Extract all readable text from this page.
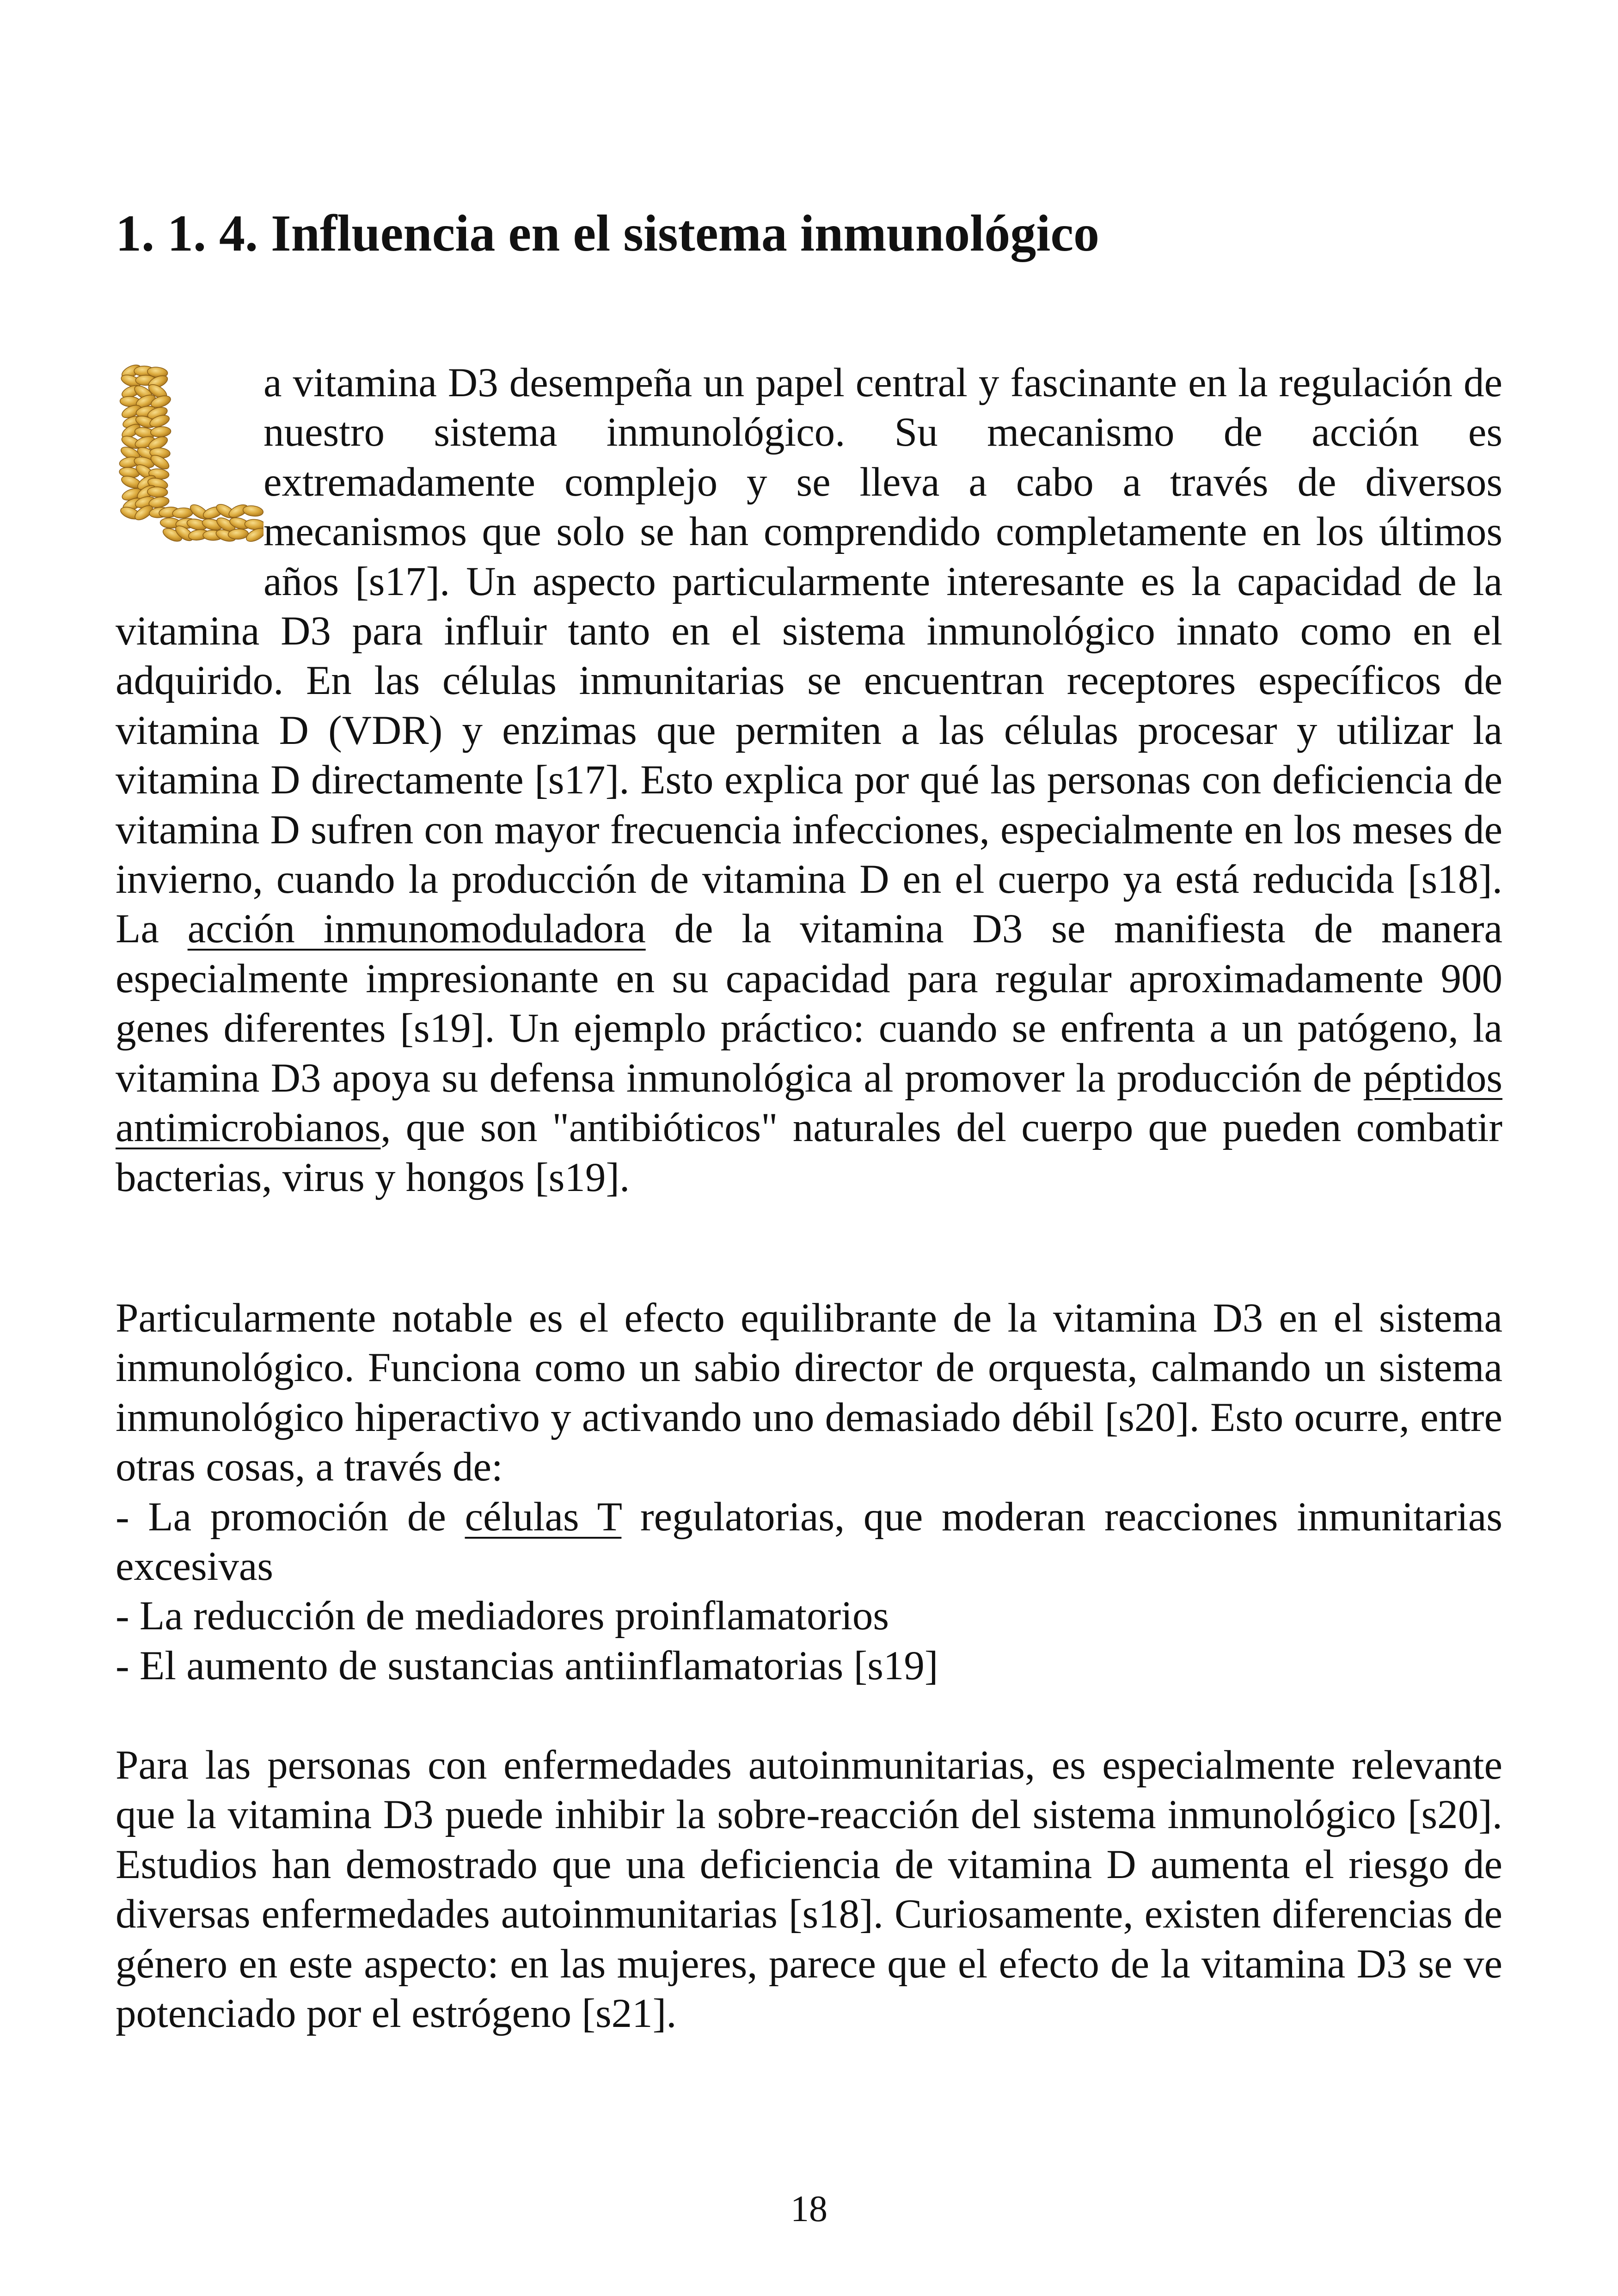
1. 1. 4. Influencia en el sistema inmunológico

a vitamina D3 desempeña un papel central y fascinante en la regulación de nuestro sistema inmunológico. Su mecanismo de acción es extremadamente complejo y se lleva a cabo a través de diversos mecanismos que solo se han comprendido completamente en los últimos años [s17]. Un aspecto particularmente interesante es la capacidad de la vitamina D3 para influir tanto en el sistema inmunológico innato como en el adquirido. En las células inmunitarias se encuentran receptores específicos de vitamina D (VDR) y enzimas que permiten a las células procesar y utilizar la vitamina D directamente [s17]. Esto explica por qué las personas con deficiencia de vitamina D sufren con mayor frecuencia infecciones, especialmente en los meses de invierno, cuando la producción de vitamina D en el cuerpo ya está reducida [s18]. La acción inmunomoduladora de la vitamina D3 se manifiesta de manera especialmente impresionante en su capacidad para regular aproximadamente 900 genes diferentes [s19]. Un ejemplo práctico: cuando se enfrenta a un patógeno, la vitamina D3 apoya su defensa inmunológica al promover la producción de péptidos antimicrobianos, que son "antibióticos" naturales del cuerpo que pueden combatir bacterias, virus y hongos [s19].

Particularmente notable es el efecto equilibrante de la vitamina D3 en el sistema inmunológico. Funciona como un sabio director de orquesta, calmando un sistema inmunológico hiperactivo y activando uno demasiado débil [s20]. Esto ocurre, entre otras cosas, a través de:
- La promoción de células T regulatorias, que moderan reacciones inmunitarias excesivas
- La reducción de mediadores proinflamatorios
- El aumento de sustancias antiinflamatorias [s19]

Para las personas con enfermedades autoinmunitarias, es especialmente relevante que la vitamina D3 puede inhibir la sobre-reacción del sistema inmunológico [s20]. Estudios han demostrado que una deficiencia de vitamina D aumenta el riesgo de diversas enfermedades autoinmunitarias [s18]. Curiosamente, existen diferencias de género en este aspecto: en las mujeres, parece que el efecto de la vitamina D3 se ve potenciado por el estrógeno [s21].

18
